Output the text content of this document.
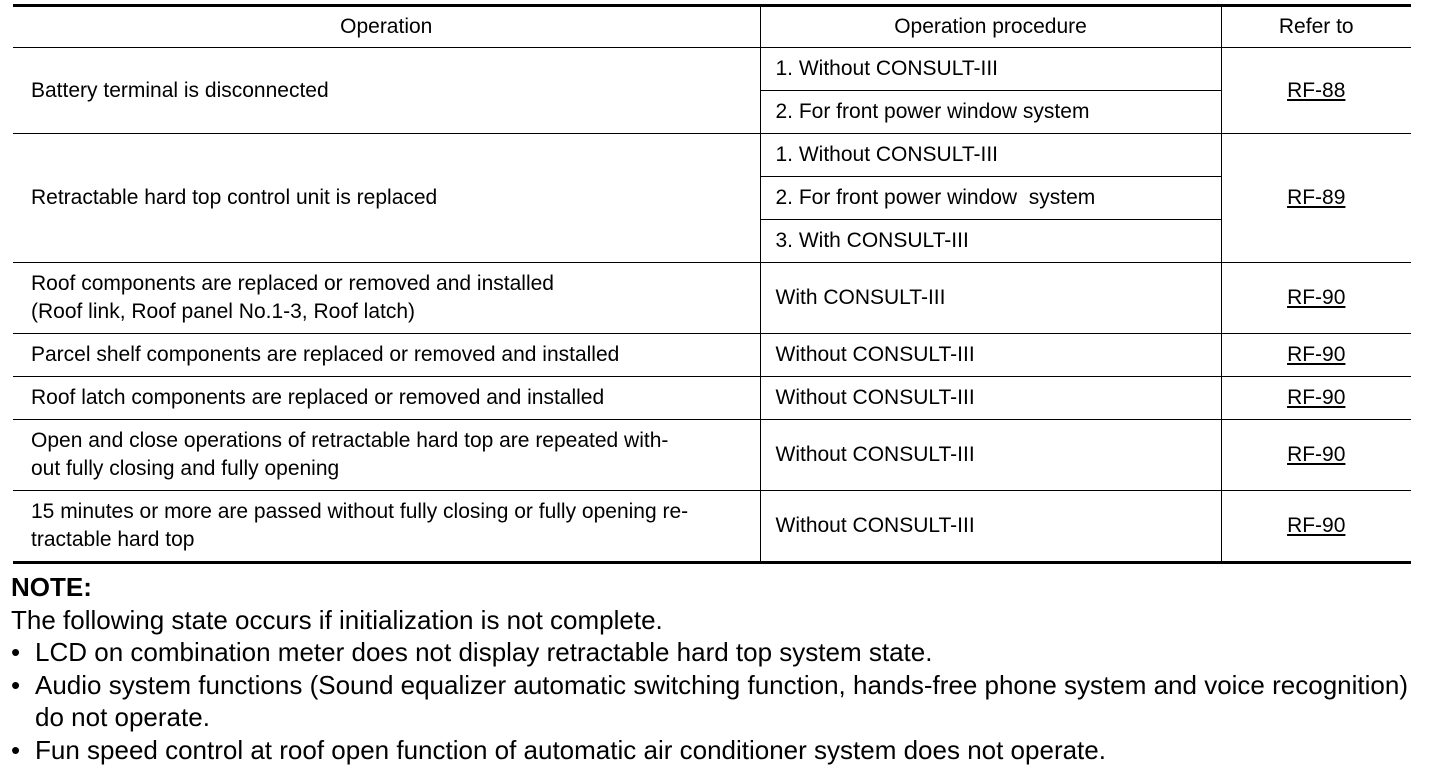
Operation	Operation procedure	Refer to
Battery terminal is disconnected	1. Without CONSULT-III	RF-88
	2. For front power window system	
Retractable hard top control unit is replaced	1. Without CONSULT-III	RF-89
	2. For front power window  system	
	3. With CONSULT-III	

Roof components are replaced or removed and installed
(Roof link, Roof panel No.1-3, Roof latch)	With CONSULT-III	RF-90
Parcel shelf components are replaced or removed and installed	Without CONSULT-III	RF-90
Roof latch components are replaced or removed and installed	Without CONSULT-III	RF-90

Open and close operations of retractable hard top are repeated with-
out fully closing and fully opening	Without CONSULT-III	RF-90

15 minutes or more are passed without fully closing or fully opening re-
tractable hard top	Without CONSULT-III	RF-90
NOTE:
The following state occurs if initialization is not complete.
• LCD on combination meter does not display retractable hard top system state.
• Audio system functions (Sound equalizer automatic switching function, hands-free phone system and voice recognition) do not operate.
• Fun speed control at roof open function of automatic air conditioner system does not operate.
